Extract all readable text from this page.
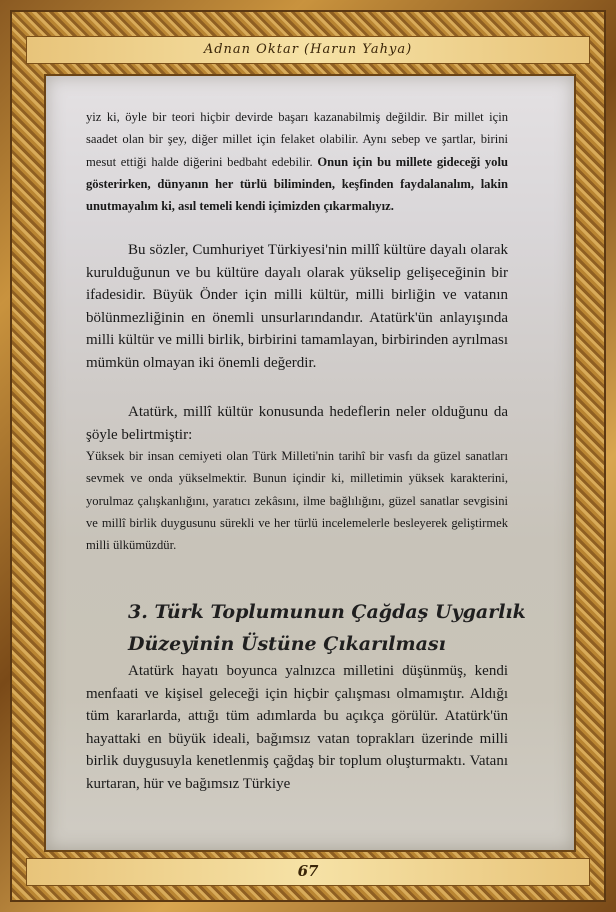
Adnan Oktar (Harun Yahya)

yiz ki, öyle bir teori hiçbir devirde başarı kazanabilmiş değildir. Bir millet için saadet olan bir şey, diğer millet için felaket olabilir. Aynı sebep ve şartlar, birini mesut ettiği halde diğerini bedbaht edebilir. Onun için bu millete gideceği yolu gösterirken, dünyanın her türlü biliminden, keşfinden faydalanalım, lakin unutmayalım ki, asıl temeli kendi içimizden çıkarmalıyız.

Bu sözler, Cumhuriyet Türkiyesi'nin millî kültüre dayalı olarak kurulduğunun ve bu kültüre dayalı olarak yükselip gelişeceğinin bir ifadesidir. Büyük Önder için milli kültür, milli birliğin ve vatanın bölünmezliğinin en önemli unsurlarındandır. Atatürk'ün anlayışında milli kültür ve milli birlik, birbirini tamamlayan, birbirinden ayrılması mümkün olmayan iki önemli değerdir.

Atatürk, millî kültür konusunda hedeflerin neler olduğunu da şöyle belirtmiştir:

Yüksek bir insan cemiyeti olan Türk Milleti'nin tarihî bir vasfı da güzel sanatları sevmek ve onda yükselmektir. Bunun içindir ki, milletimin yüksek karakterini, yorulmaz çalışkanlığını, yaratıcı zekâsını, ilme bağlılığını, güzel sanatlar sevgisini ve millî birlik duygusunu sürekli ve her türlü incelemelerle besleyerek geliştirmek milli ülkümüzdür.

3. Türk Toplumunun Çağdaş Uygarlık Düzeyinin Üstüne Çıkarılması

Atatürk hayatı boyunca yalnızca milletini düşünmüş, kendi menfaati ve kişisel geleceği için hiçbir çalışması olmamıştır. Aldığı tüm kararlarda, attığı tüm adımlarda bu açıkça görülür. Atatürk'ün hayattaki en büyük ideali, bağımsız vatan toprakları üzerinde milli birlik duygusuyla kenetlenmiş çağdaş bir toplum oluşturmaktı. Vatanı kurtaran, hür ve bağımsız Türkiye

67
